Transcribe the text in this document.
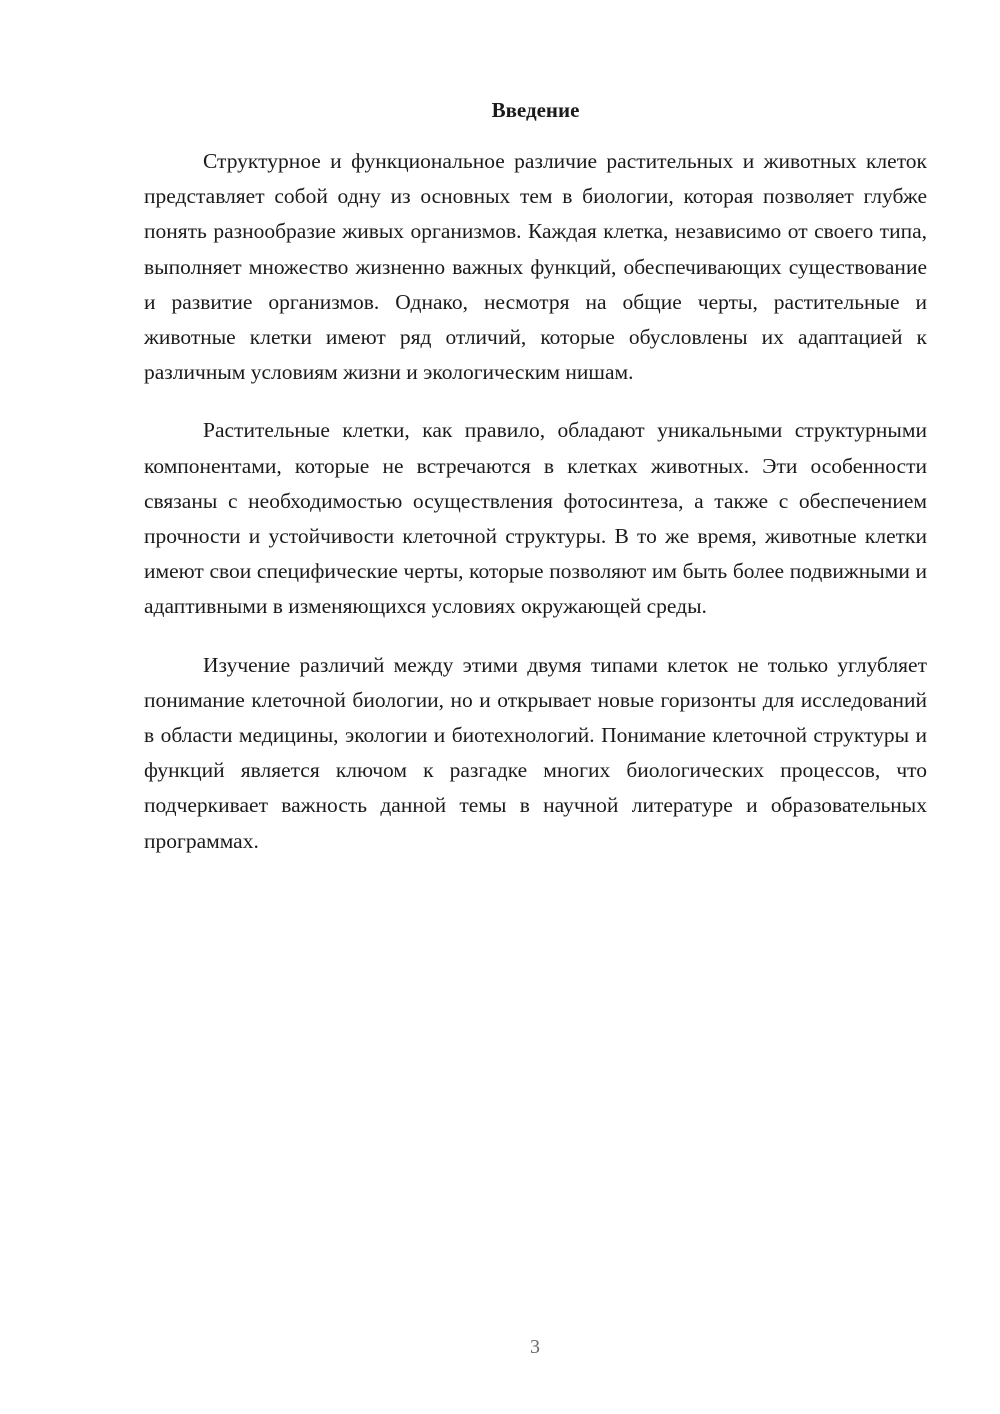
Введение

Структурное и функциональное различие растительных и животных клеток представляет собой одну из основных тем в биологии, которая позволяет глубже понять разнообразие живых организмов. Каждая клетка, независимо от своего типа, выполняет множество жизненно важных функций, обеспечивающих существование и развитие организмов. Однако, несмотря на общие черты, растительные и животные клетки имеют ряд отличий, которые обусловлены их адаптацией к различным условиям жизни и экологическим нишам.

Растительные клетки, как правило, обладают уникальными структурными компонентами, которые не встречаются в клетках животных. Эти особенности связаны с необходимостью осуществления фотосинтеза, а также с обеспечением прочности и устойчивости клеточной структуры. В то же время, животные клетки имеют свои специфические черты, которые позволяют им быть более подвижными и адаптивными в изменяющихся условиях окружающей среды.

Изучение различий между этими двумя типами клеток не только углубляет понимание клеточной биологии, но и открывает новые горизонты для исследований в области медицины, экологии и биотехнологий. Понимание клеточной структуры и функций является ключом к разгадке многих биологических процессов, что подчеркивает важность данной темы в научной литературе и образовательных программах.

3
